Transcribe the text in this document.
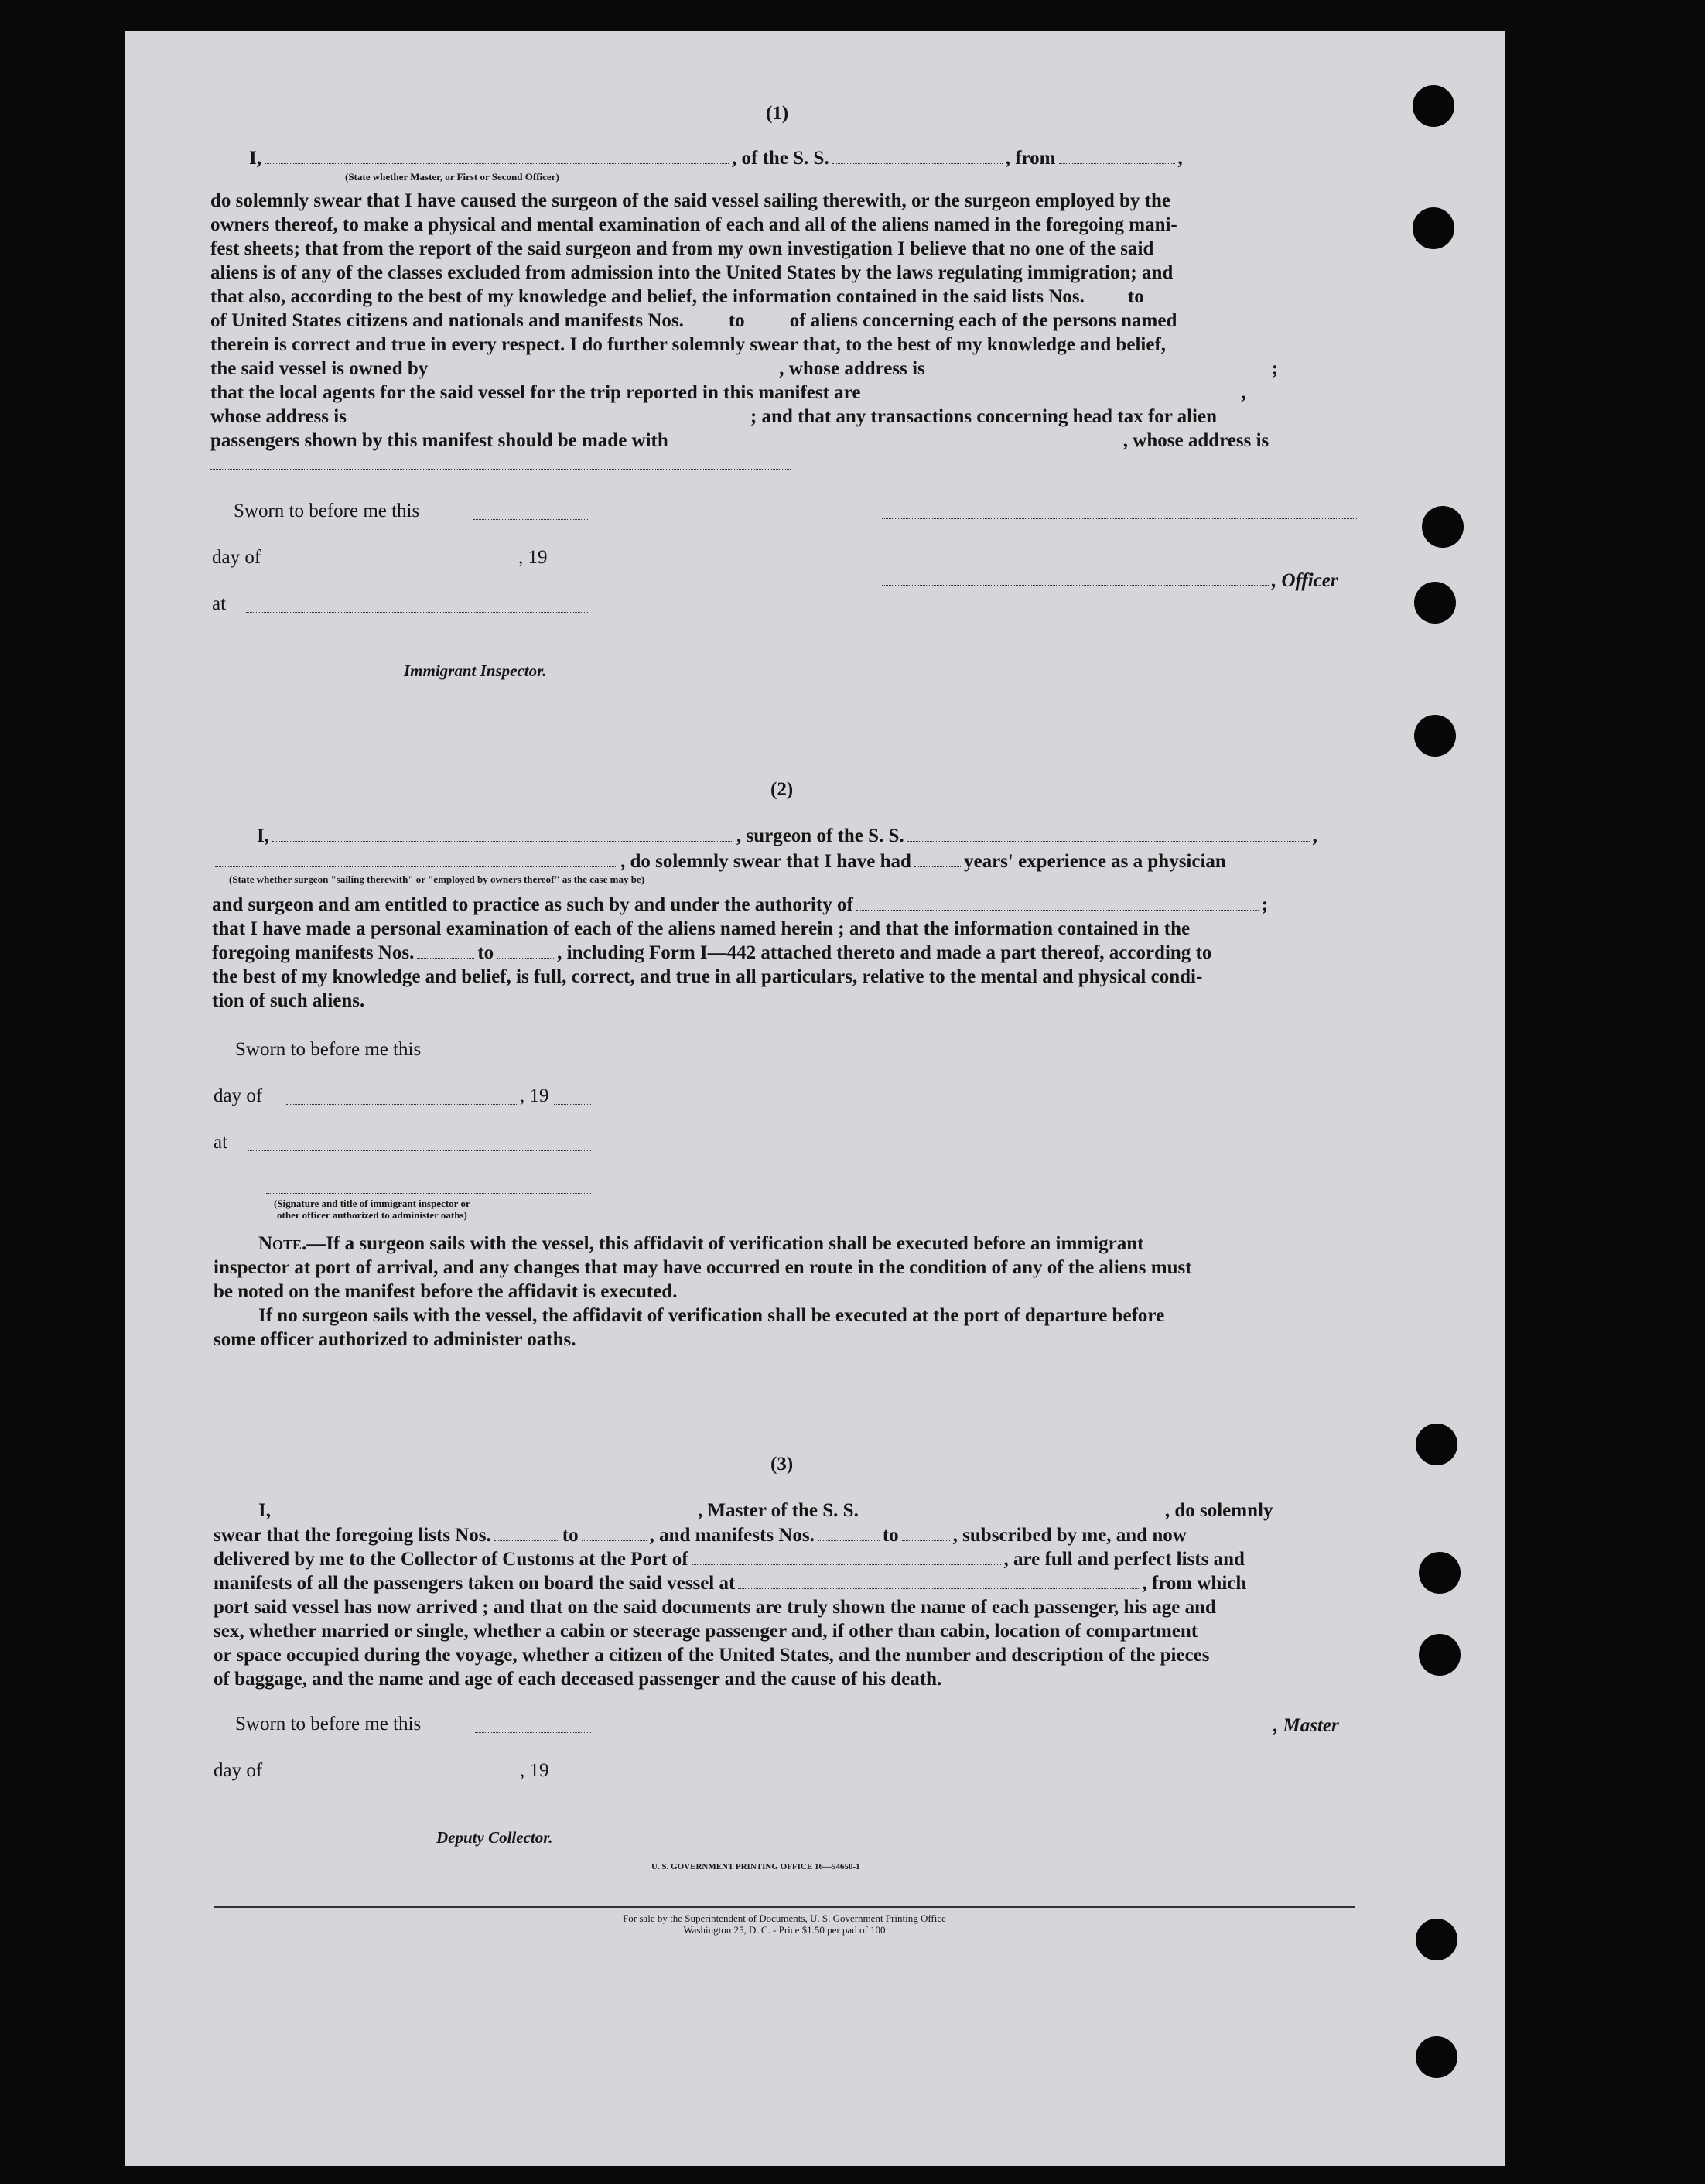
(1)
I,	, of the S. S.	, from	,
(State whether Master, or First or Second Officer)
do solemnly swear that I have caused the surgeon of the said vessel sailing therewith, or the surgeon employed by the
owners thereof, to make a physical and mental examination of each and all of the aliens named in the foregoing mani-
fest sheets; that from the report of the said surgeon and from my own investigation I believe that no one of the said
aliens is of any of the classes excluded from admission into the United States by the laws regulating immigration; and
that also, according to the best of my knowledge and belief, the information contained in the said lists Nos. to
of United States citizens and nationals and manifests Nos. to of aliens concerning each of the persons named
therein is correct and true in every respect. I do further solemnly swear that, to the best of my knowledge and belief,
the said vessel is owned by	, whose address is	;
that the local agents for the said vessel for the trip reported in this manifest are	,
whose address is	; and that any transactions concerning head tax for alien
passengers shown by this manifest should be made with	, whose address is
Sworn to before me this
day of	, 19
, Officer
at
Immigrant Inspector.
(2)
I,	, surgeon of the S. S.	,
, do solemnly swear that I have had	years' experience as a physician
(State whether surgeon "sailing therewith" or "employed by owners thereof" as the case may be)
and surgeon and am entitled to practice as such by and under the authority of	;
that I have made a personal examination of each of the aliens named herein ; and that the information contained in the
foregoing manifests Nos.	to	, including Form I—442 attached thereto and made a part thereof, according to
the best of my knowledge and belief, is full, correct, and true in all particulars, relative to the mental and physical condi-
tion of such aliens.
Sworn to before me this
day of	, 19
at
(Signature and title of immigrant inspector or
other officer authorized to administer oaths)
Note.—If a surgeon sails with the vessel, this affidavit of verification shall be executed before an immigrant
inspector at port of arrival, and any changes that may have occurred en route in the condition of any of the aliens must
be noted on the manifest before the affidavit is executed.
If no surgeon sails with the vessel, the affidavit of verification shall be executed at the port of departure before
some officer authorized to administer oaths.
(3)
I,	, Master of the S. S.	, do solemnly
swear that the foregoing lists Nos.	to	, and manifests Nos.	to	, subscribed by me, and now
delivered by me to the Collector of Customs at the Port of	, are full and perfect lists and
manifests of all the passengers taken on board the said vessel at	, from which
port said vessel has now arrived ; and that on the said documents are truly shown the name of each passenger, his age and
sex, whether married or single, whether a cabin or steerage passenger and, if other than cabin, location of compartment
or space occupied during the voyage, whether a citizen of the United States, and the number and description of the pieces
of baggage, and the name and age of each deceased passenger and the cause of his death.
Sworn to before me this	, Master
day of	, 19
Deputy Collector.
U. S. GOVERNMENT PRINTING OFFICE 16—54650-1
For sale by the Superintendent of Documents, U. S. Government Printing Office
Washington 25, D. C. - Price $1.50 per pad of 100
